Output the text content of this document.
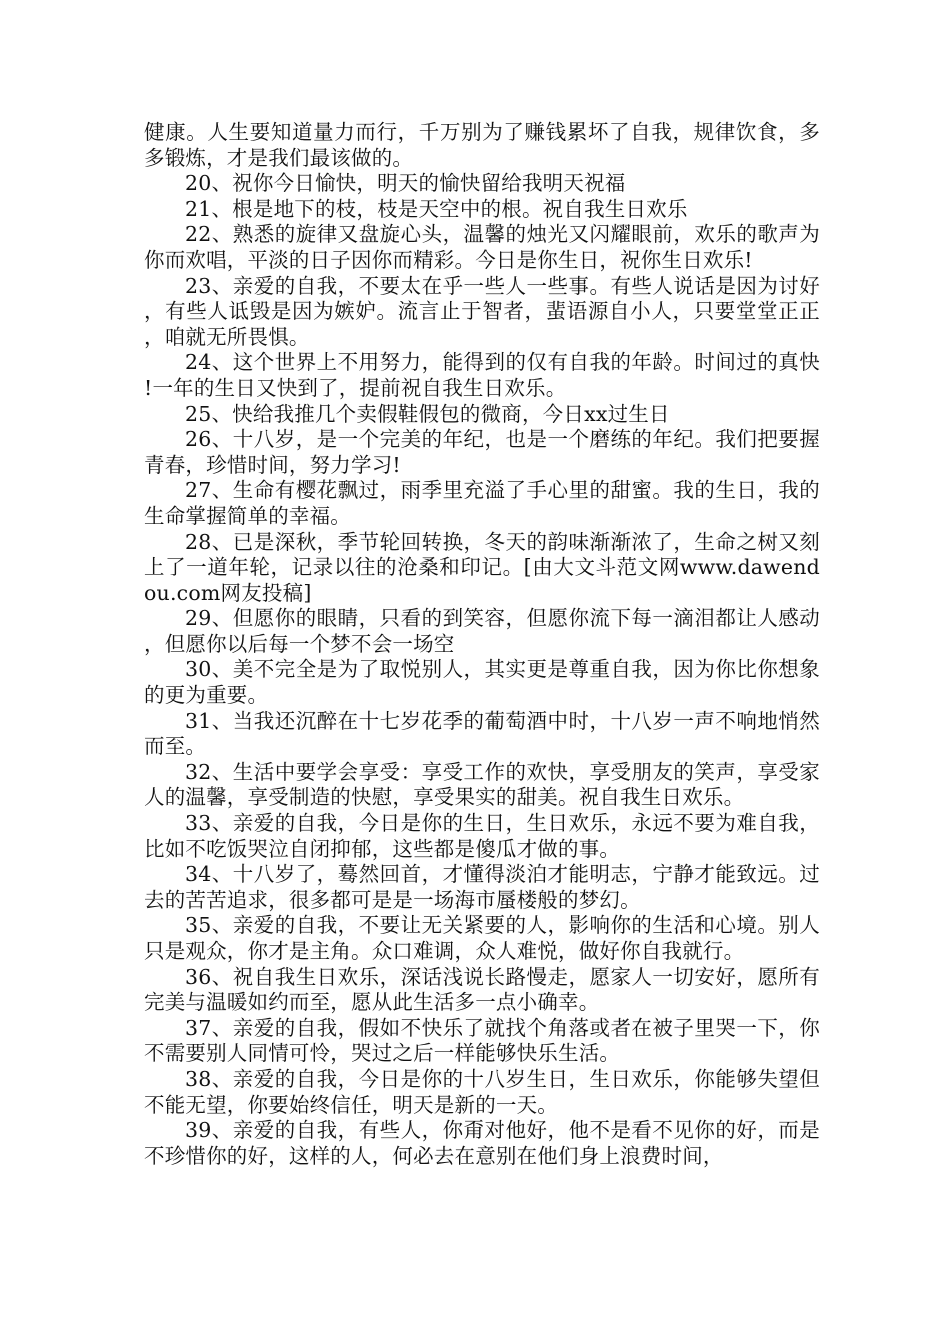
健康。人生要知道量力而行，千万别为了赚钱累坏了自我，规律饮食，多多锻炼，才是我们最该做的。

20、祝你今日愉快，明天的愉快留给我明天祝福

21、根是地下的枝，枝是天空中的根。祝自我生日欢乐

22、熟悉的旋律又盘旋心头，温馨的烛光又闪耀眼前，欢乐的歌声为你而欢唱，平淡的日子因你而精彩。今日是你生日，祝你生日欢乐!

23、亲爱的自我，不要太在乎一些人一些事。有些人说话是因为讨好，有些人诋毁是因为嫉妒。流言止于智者，蜚语源自小人，只要堂堂正正，咱就无所畏惧。

24、这个世界上不用努力，能得到的仅有自我的年龄。时间过的真快!一年的生日又快到了，提前祝自我生日欢乐。

25、快给我推几个卖假鞋假包的微商，今日xx过生日

26、十八岁，是一个完美的年纪，也是一个磨练的年纪。我们把要握青春，珍惜时间，努力学习!

27、生命有樱花飘过，雨季里充溢了手心里的甜蜜。我的生日，我的生命掌握简单的幸福。

28、已是深秋，季节轮回转换，冬天的韵味渐渐浓了，生命之树又刻上了一道年轮，记录以往的沧桑和印记。[由大文斗范文网www.dawendou.com网友投稿]

29、但愿你的眼睛，只看的到笑容，但愿你流下每一滴泪都让人感动，但愿你以后每一个梦不会一场空

30、美不完全是为了取悦别人，其实更是尊重自我，因为你比你想象的更为重要。

31、当我还沉醉在十七岁花季的葡萄酒中时，十八岁一声不响地悄然而至。

32、生活中要学会享受：享受工作的欢快，享受朋友的笑声，享受家人的温馨，享受制造的快慰，享受果实的甜美。祝自我生日欢乐。

33、亲爱的自我，今日是你的生日，生日欢乐，永远不要为难自我，比如不吃饭哭泣自闭抑郁，这些都是傻瓜才做的事。

34、十八岁了，蓦然回首，才懂得淡泊才能明志，宁静才能致远。过去的苦苦追求，很多都可是是一场海市蜃楼般的梦幻。

35、亲爱的自我，不要让无关紧要的人，影响你的生活和心境。别人只是观众，你才是主角。众口难调，众人难悦，做好你自我就行。

36、祝自我生日欢乐，深话浅说长路慢走，愿家人一切安好，愿所有完美与温暖如约而至，愿从此生活多一点小确幸。

37、亲爱的自我，假如不快乐了就找个角落或者在被子里哭一下，你不需要别人同情可怜，哭过之后一样能够快乐生活。

38、亲爱的自我，今日是你的十八岁生日，生日欢乐，你能够失望但不能无望，你要始终信任，明天是新的一天。

39、亲爱的自我，有些人，你甭对他好，他不是看不见你的好，而是不珍惜你的好，这样的人，何必去在意别在他们身上浪费时间，
